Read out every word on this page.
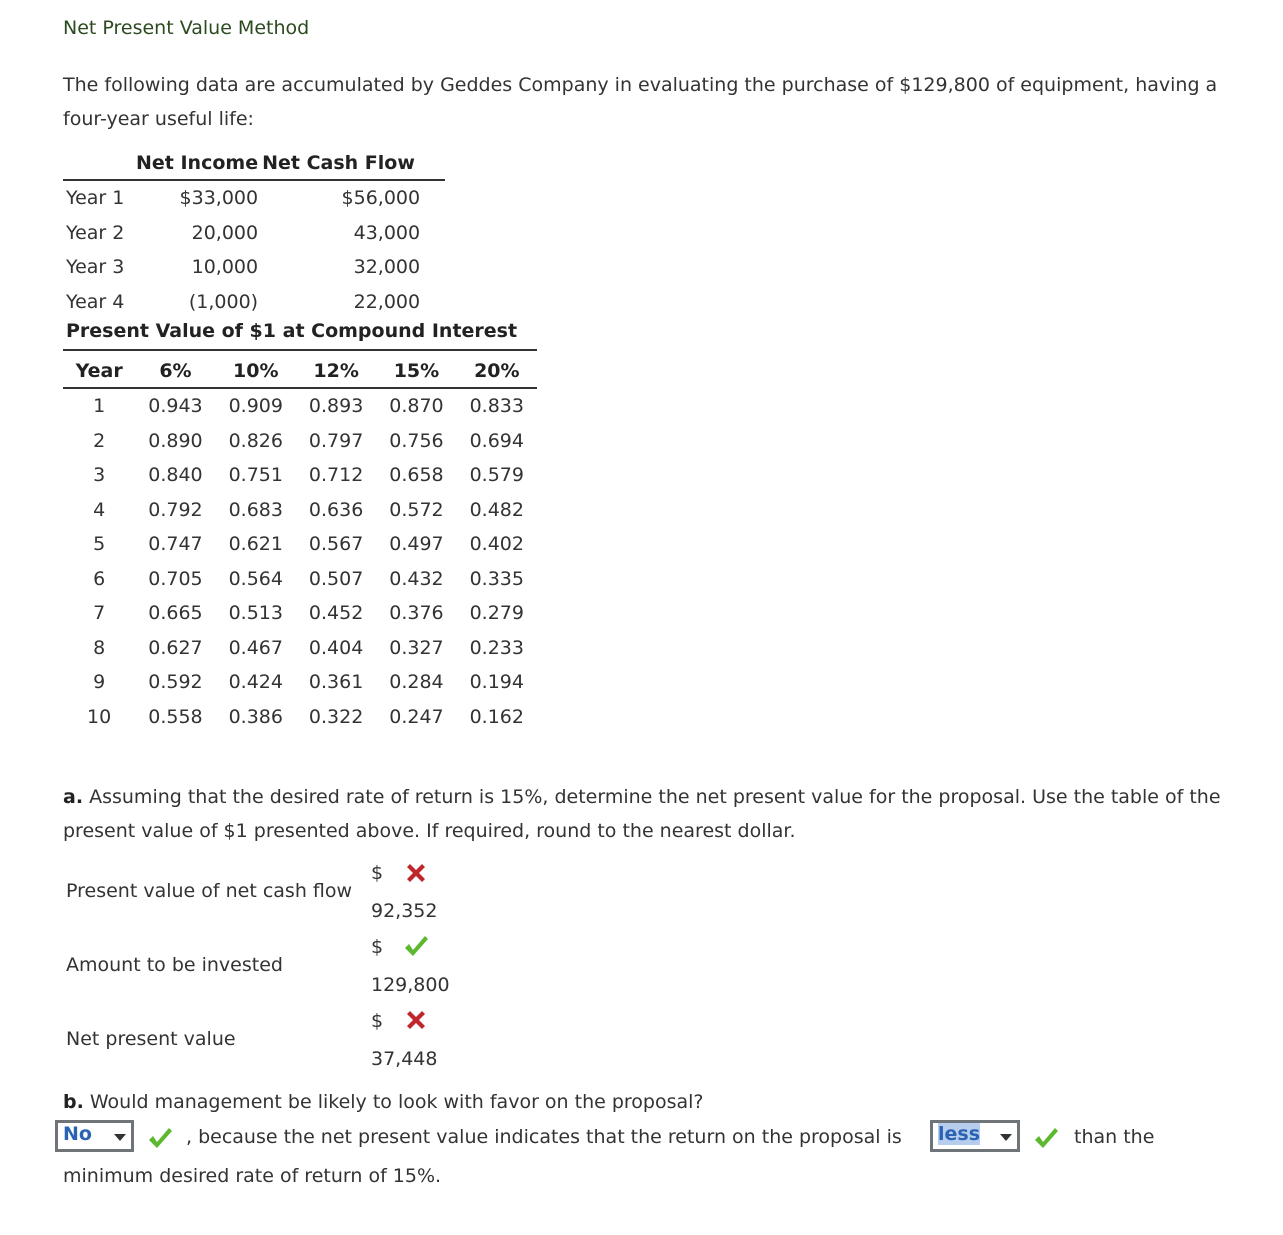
Net Present Value Method
The following data are accumulated by Geddes Company in evaluating the purchase of $129,800 of equipment, having a four-year useful life:
	Net Income	Net Cash Flow
Year 1	$33,000	$56,000
Year 2	20,000	43,000
Year 3	10,000	32,000
Year 4	(1,000)	22,000
Present Value of $1 at Compound Interest
Year	6%	10%	12%	15%	20%
1	0.943	0.909	0.893	0.870	0.833
2	0.890	0.826	0.797	0.756	0.694
3	0.840	0.751	0.712	0.658	0.579
4	0.792	0.683	0.636	0.572	0.482
5	0.747	0.621	0.567	0.497	0.402
6	0.705	0.564	0.507	0.432	0.335
7	0.665	0.513	0.452	0.376	0.279
8	0.627	0.467	0.404	0.327	0.233
9	0.592	0.424	0.361	0.284	0.194
10	0.558	0.386	0.322	0.247	0.162
a. Assuming that the desired rate of return is 15%, determine the net present value for the proposal. Use the table of the present value of $1 presented above. If required, round to the nearest dollar.
Present value of net cash flow
$
92,352
Amount to be invested
$
129,800
Net present value
$
37,448
b. Would management be likely to look with favor on the proposal?
No	, because the net present value indicates that the return on the proposal is less	than the
minimum desired rate of return of 15%.
